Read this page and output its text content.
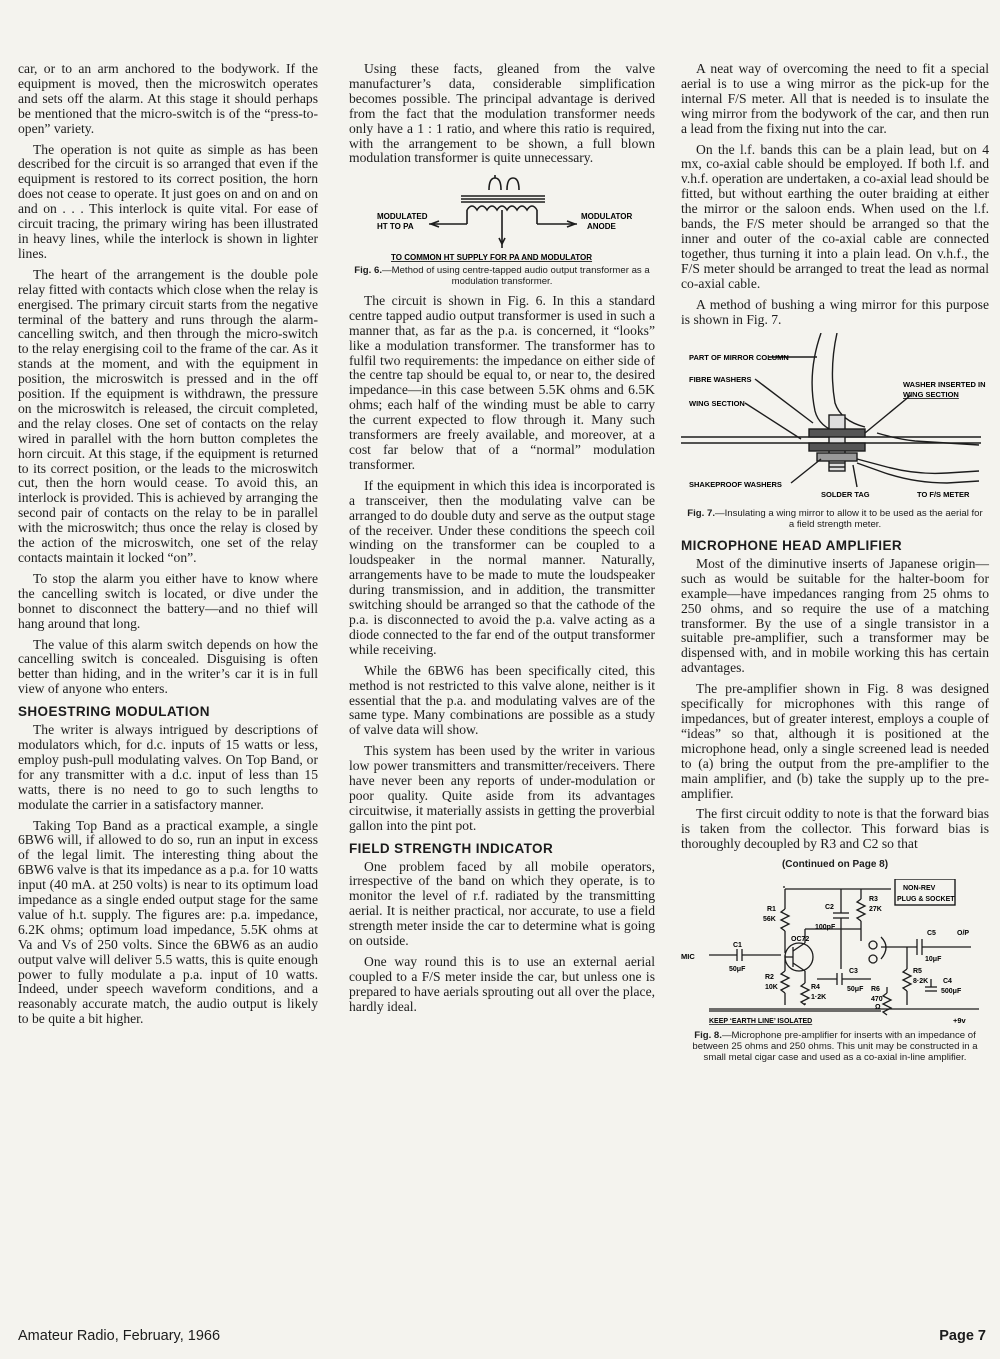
car, or to an arm anchored to the bodywork. If the equipment is moved, then the microswitch operates and sets off the alarm. At this stage it should perhaps be mentioned that the micro-switch is of the “press-to-open” variety.

The operation is not quite as simple as has been described for the circuit is so arranged that even if the equipment is restored to its correct position, the horn does not cease to operate. It just goes on and on and on and on . . . This interlock is quite vital. For ease of circuit tracing, the primary wiring has been illustrated in heavy lines, while the interlock is shown in lighter lines.

The heart of the arrangement is the double pole relay fitted with contacts which close when the relay is energised. The primary circuit starts from the negative terminal of the battery and runs through the alarm-cancelling switch, and then through the micro-switch to the relay energising coil to the frame of the car. As it stands at the moment, and with the equipment in position, the microswitch is pressed and in the off position. If the equipment is withdrawn, the pressure on the microswitch is released, the circuit completed, and the relay closes. One set of contacts on the relay wired in parallel with the horn button completes the horn circuit. At this stage, if the equipment is returned to its correct position, or the leads to the microswitch cut, then the horn would cease. To avoid this, an interlock is provided. This is achieved by arranging the second pair of contacts on the relay to be in parallel with the microswitch; thus once the relay is closed by the action of the microswitch, one set of the relay contacts maintain it locked “on”.

To stop the alarm you either have to know where the cancelling switch is located, or dive under the bonnet to disconnect the battery—and no thief will hang around that long.

The value of this alarm switch depends on how the cancelling switch is concealed. Disguising is often better than hiding, and in the writer’s car it is in full view of anyone who enters.

SHOESTRING MODULATION

The writer is always intrigued by descriptions of modulators which, for d.c. inputs of 15 watts or less, employ push-pull modulating valves. On Top Band, or for any transmitter with a d.c. input of less than 15 watts, there is no need to go to such lengths to modulate the carrier in a satisfactory manner.

Taking Top Band as a practical example, a single 6BW6 will, if allowed to do so, run an input in excess of the legal limit. The interesting thing about the 6BW6 valve is that its impedance as a p.a. for 10 watts input (40 mA. at 250 volts) is near to its optimum load impedance as a single ended output stage for the same value of h.t. supply. The figures are: p.a. impedance, 6.2K ohms; optimum load impedance, 5.5K ohms at Va and Vs of 250 volts. Since the 6BW6 as an audio output valve will deliver 5.5 watts, this is quite enough power to fully modulate a p.a. input of 10 watts. Indeed, under speech waveform conditions, and a reasonably accurate match, the audio output is likely to be quite a bit higher.

Using these facts, gleaned from the valve manufacturer’s data, considerable simplification becomes possible. The principal advantage is derived from the fact that the modulation transformer needs only have a 1 : 1 ratio, and where this ratio is required, with the arrangement to be shown, a full blown modulation transformer is quite unnecessary.

MODULATED
HT TO PA
MODULATOR
ANODE
TO COMMON HT SUPPLY FOR PA AND MODULATOR
Fig. 6.—Method of using centre-tapped audio output transformer as a modulation transformer.

The circuit is shown in Fig. 6. In this a standard centre tapped audio output transformer is used in such a manner that, as far as the p.a. is concerned, it “looks” like a modulation transformer. The transformer has to fulfil two requirements: the impedance on either side of the centre tap should be equal to, or near to, the desired impedance—in this case between 5.5K ohms and 6.5K ohms; each half of the winding must be able to carry the current expected to flow through it. Many such transformers are freely available, and moreover, at a cost far below that of a “normal” modulation transformer.

If the equipment in which this idea is incorporated is a transceiver, then the modulating valve can be arranged to do double duty and serve as the output stage of the receiver. Under these conditions the speech coil winding on the transformer can be coupled to a loudspeaker in the normal manner. Naturally, arrangements have to be made to mute the loudspeaker during transmission, and in addition, the transmitter switching should be arranged so that the cathode of the p.a. is disconnected to avoid the p.a. valve acting as a diode connected to the far end of the output transformer while receiving.

While the 6BW6 has been specifically cited, this method is not restricted to this valve alone, neither is it essential that the p.a. and modulating valves are of the same type. Many combinations are possible as a study of valve data will show.

This system has been used by the writer in various low power transmitters and transmitter/receivers. There have never been any reports of under-modulation or poor quality. Quite aside from its advantages circuitwise, it materially assists in getting the proverbial gallon into the pint pot.

FIELD STRENGTH INDICATOR

One problem faced by all mobile operators, irrespective of the band on which they operate, is to monitor the level of r.f. radiated by the transmitting aerial. It is neither practical, nor accurate, to use a field strength meter inside the car to determine what is going on outside.

One way round this is to use an external aerial coupled to a F/S meter inside the car, but unless one is prepared to have aerials sprouting out all over the place, hardly ideal.

A neat way of overcoming the need to fit a special aerial is to use a wing mirror as the pick-up for the internal F/S meter. All that is needed is to insulate the wing mirror from the bodywork of the car, and then run a lead from the fixing nut into the car.

On the l.f. bands this can be a plain lead, but on 4 mx, co-axial cable should be employed. If both l.f. and v.h.f. operation are undertaken, a co-axial lead should be fitted, but without earthing the outer braiding at either the mirror or the saloon ends. When used on the l.f. bands, the F/S meter should be arranged so that the inner and outer of the co-axial cable are connected together, thus turning it into a plain lead. On v.h.f., the F/S meter should be arranged to treat the lead as normal co-axial cable.

A method of bushing a wing mirror for this purpose is shown in Fig. 7.

PART OF MIRROR COLUMN
FIBRE WASHERS
WING SECTION
WASHER INSERTED IN
WING SECTION
SHAKEPROOF WASHERS
SOLDER TAG	TO F/S METER
Fig. 7.—Insulating a wing mirror to allow it to be used as the aerial for a field strength meter.
MICROPHONE HEAD AMPLIFIER

Most of the diminutive inserts of Japanese origin—such as would be suitable for the halter-boom for example—have impedances ranging from 25 ohms to 250 ohms, and so require the use of a matching transformer. By the use of a single transistor in a suitable pre-amplifier, such a transformer may be dispensed with, and in mobile working this has certain advantages.

The pre-amplifier shown in Fig. 8 was designed specifically for microphones with this range of impedances, but of greater interest, employs a couple of “ideas” so that, although it is positioned at the microphone head, only a single screened lead is needed to (a) bring the output from the pre-amplifier to the main amplifier, and (b) take the supply up to the pre-amplifier.

The first circuit oddity to note is that the forward bias is taken from the collector. This forward bias is thoroughly decoupled by R3 and C2 so that

(Continued on Page 8)
NON-REV
PLUG & SOCKET
R1
56K
C2
100pF
R3
27K
OC72
C5	O/P
MIC
C1
50μF
10μF
R5
8·2K
R2
10K
C3
50μF
C4
500μF
R4
1·2K
R6
470
Ω
KEEP ‘EARTH LINE’ ISOLATED	+9v
Fig. 8.—Microphone pre-amplifier for inserts with an impedance of between 25 ohms and 250 ohms. This unit may be constructed in a small metal cigar case and used as a co-axial in-line amplifier.
Amateur Radio, February, 1966	Page 7
